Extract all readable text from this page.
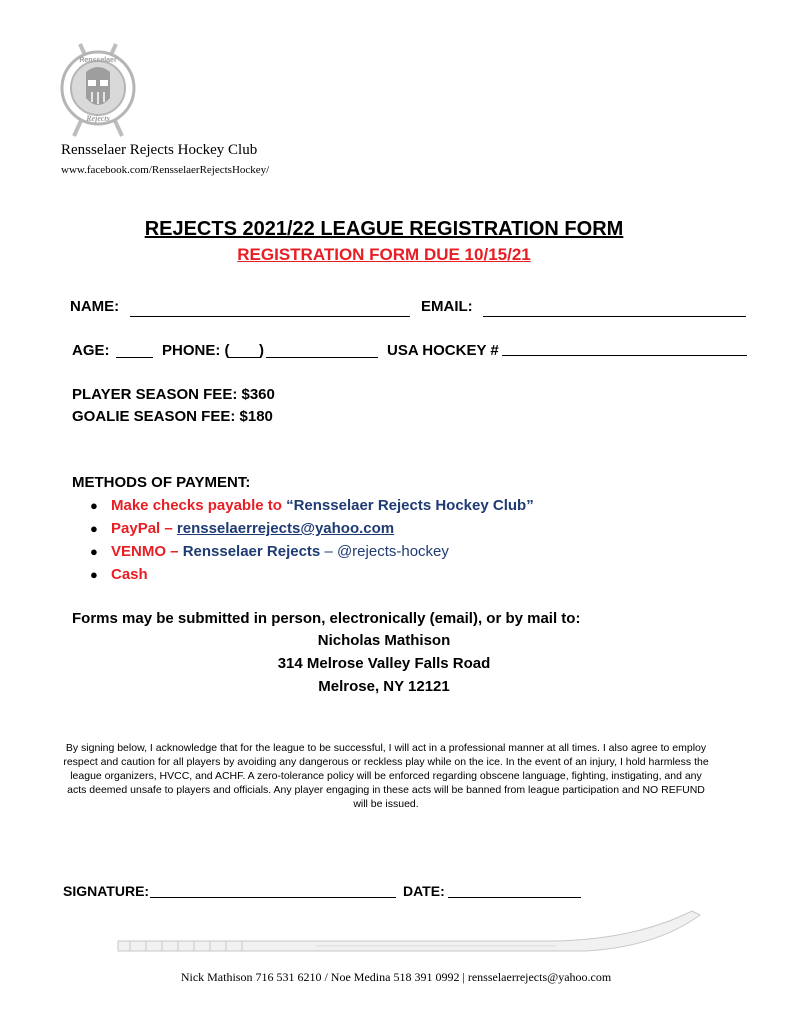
Rensselaer
Rejects
Rensselaer Rejects Hockey Club
www.facebook.com/RensselaerRejectsHockey/
REJECTS 2021/22 LEAGUE REGISTRATION FORM
REGISTRATION FORM DUE 10/15/21
NAME:	EMAIL:
AGE:	PHONE: ( )	USA HOCKEY #
PLAYER SEASON FEE: $360
GOALIE SEASON FEE: $180
METHODS OF PAYMENT:
● Make checks payable to “Rensselaer Rejects Hockey Club”
● PayPal – rensselaerrejects@yahoo.com
● VENMO – Rensselaer Rejects – @rejects-hockey
● Cash
Forms may be submitted in person, electronically (email), or by mail to:
Nicholas Mathison
314 Melrose Valley Falls Road
Melrose, NY 12121
By signing below, I acknowledge that for the league to be successful, I will act in a professional manner at all times. I also agree to employ respect and caution for all players by avoiding any dangerous or reckless play while on the ice. In the event of an injury, I hold harmless the league organizers, HVCC, and ACHF. A zero-tolerance policy will be enforced regarding obscene language, fighting, instigating, and any acts deemed unsafe to players and officials. Any player engaging in these acts will be banned from league participation and NO REFUND will be issued.
SIGNATURE:	DATE:
Nick Mathison 716 531 6210 / Noe Medina 518 391 0992 | rensselaerrejects@yahoo.com
